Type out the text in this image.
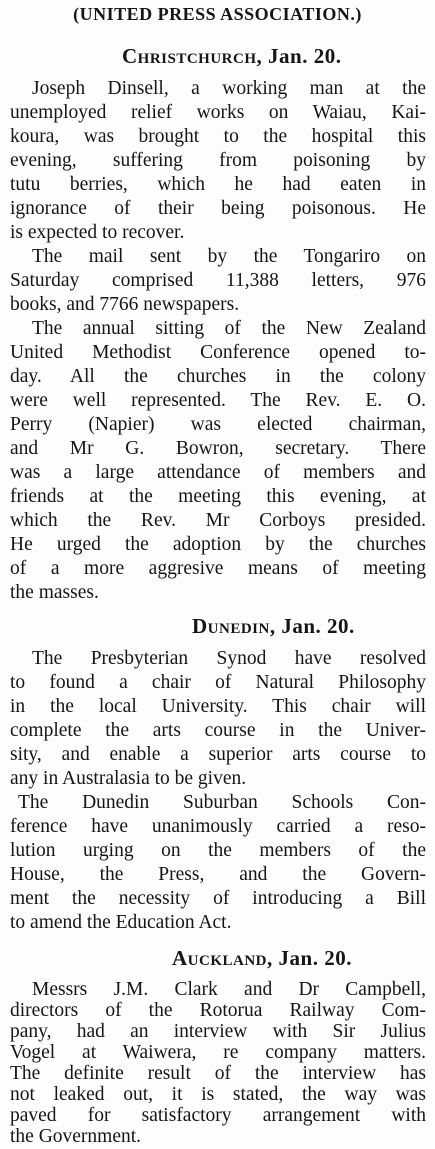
(UNITED PRESS ASSOCIATION.)
Christchurch, Jan. 20.
Joseph Dinsell, a working man at the
unemployed relief works on Waiau, Kai-
koura, was brought to the hospital this
evening, suffering from poisoning by
tutu berries, which he had eaten in
ignorance of their being poisonous. He
is expected to recover.
The mail sent by the Tongariro on
Saturday comprised 11,388 letters, 976
books, and 7766 newspapers.
The annual sitting of the New Zealand
United Methodist Conference opened to-
day. All the churches in the colony
were well represented. The Rev. E. O.
Perry (Napier) was elected chairman,
and Mr G. Bowron, secretary. There
was a large attendance of members and
friends at the meeting this evening, at
which the Rev. Mr Corboys presided.
He urged the adoption by the churches
of a more aggresive means of meeting
the masses.
Dunedin, Jan. 20.
The Presbyterian Synod have resolved
to found a chair of Natural Philosophy
in the local University. This chair will
complete the arts course in the Univer-
sity, and enable a superior arts course to
any in Australasia to be given.
The Dunedin Suburban Schools Con-
ference have unanimously carried a reso-
lution urging on the members of the
House, the Press, and the Govern-
ment the necessity of introducing a Bill
to amend the Education Act.
Auckland, Jan. 20.
Messrs J.M. Clark and Dr Campbell,
directors of the Rotorua Railway Com-
pany, had an interview with Sir Julius
Vogel at Waiwera, re company matters.
The definite result of the interview has
not leaked out, it is stated, the way was
paved for satisfactory arrangement with
the Government.
